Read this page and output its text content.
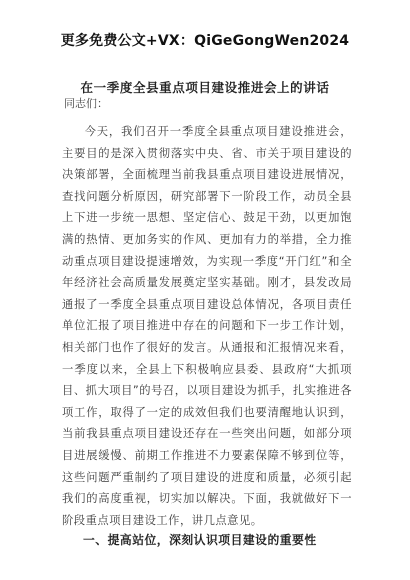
更多免费公文+VX：QiGeGongWen2024
在一季度全县重点项目建设推进会上的讲话
同志们：

今天，我们召开一季度全县重点项目建设推进会，主要目的是深入贯彻落实中央、省、市关于项目建设的决策部署，全面梳理当前我县重点项目建设进展情况，查找问题分析原因，研究部署下一阶段工作，动员全县上下进一步统一思想、坚定信心、鼓足干劲，以更加饱满的热情、更加务实的作风、更加有力的举措，全力推动重点项目建设提速增效，为实现一季度“开门红”和全年经济社会高质量发展奠定坚实基础。刚才，县发改局通报了一季度全县重点项目建设总体情况，各项目责任单位汇报了项目推进中存在的问题和下一步工作计划，相关部门也作了很好的发言。从通报和汇报情况来看，一季度以来，全县上下积极响应县委、县政府“大抓项目、抓大项目”的号召，以项目建设为抓手，扎实推进各项工作，取得了一定的成效但我们也要清醒地认识到，当前我县重点项目建设还存在一些突出问题，如部分项目进展缓慢、前期工作推进不力要素保障不够到位等，这些问题严重制约了项目建设的进度和质量，必须引起我们的高度重视，切实加以解决。下面，我就做好下一阶段重点项目建设工作，讲几点意见。

一、提高站位，深刻认识项目建设的重要性
